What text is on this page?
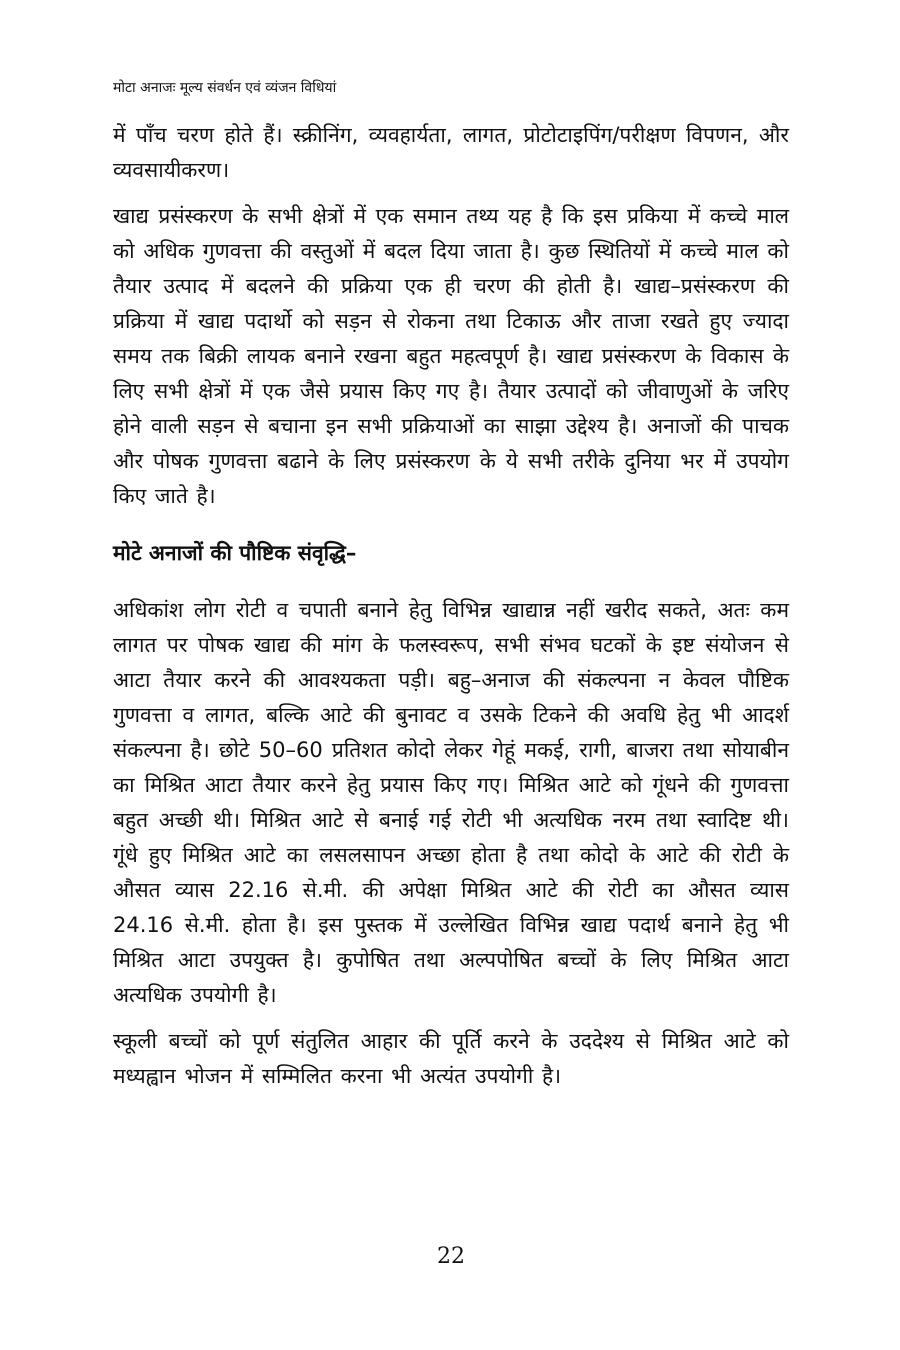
मोटा अनाजः मूल्य संवर्धन एवं व्यंजन विधियां

में पाँच चरण होते हैं। स्क्रीनिंग, व्यवहार्यता, लागत, प्रोटोटाइपिंग/परीक्षण विपणन, और व्यवसायीकरण।

खाद्य प्रसंस्करण के सभी क्षेत्रों में एक समान तथ्य यह है कि इस प्रकिया में कच्चे माल को अधिक गुणवत्ता की वस्तुओं में बदल दिया जाता है। कुछ स्थितियों में कच्चे माल को तैयार उत्पाद में बदलने की प्रक्रिया एक ही चरण की होती है। खाद्य–प्रसंस्करण की प्रक्रिया में खाद्य पदार्थो को सड़न से रोकना तथा टिकाऊ और ताजा रखते हुए ज्यादा समय तक बिक्री लायक बनाने रखना बहुत महत्वपूर्ण है। खाद्य प्रसंस्करण के विकास के लिए सभी क्षेत्रों में एक जैसे प्रयास किए गए है। तैयार उत्पादों को जीवाणुओं के जरिए होने वाली सड़न से बचाना इन सभी प्रक्रियाओं का साझा उद्देश्य है। अनाजों की पाचक और पोषक गुणवत्ता बढाने के लिए प्रसंस्करण के ये सभी तरीके दुनिया भर में उपयोग किए जाते है।

मोटे अनाजों की पौष्टिक संवृद्धि–

अधिकांश लोग रोटी व चपाती बनाने हेतु विभिन्न खाद्यान्न नहीं खरीद सकते, अतः कम लागत पर पोषक खाद्य की मांग के फलस्वरूप, सभी संभव घटकों के इष्ट संयोजन से आटा तैयार करने की आवश्यकता पड़ी। बहु–अनाज की संकल्पना न केवल पौष्टिक गुणवत्ता व लागत, बल्कि आटे की बुनावट व उसके टिकने की अवधि हेतु भी आदर्श संकल्पना है। छोटे 50–60 प्रतिशत कोदो लेकर गेहूं मकई, रागी, बाजरा तथा सोयाबीन का मिश्रित आटा तैयार करने हेतु प्रयास किए गए। मिश्रित आटे को गूंधने की गुणवत्ता बहुत अच्छी थी। मिश्रित आटे से बनाई गई रोटी भी अत्यधिक नरम तथा स्वादिष्ट थी। गूंधे हुए मिश्रित आटे का लसलसापन अच्छा होता है तथा कोदो के आटे की रोटी के औसत व्यास 22.16 से.मी. की अपेक्षा मिश्रित आटे की रोटी का औसत व्यास 24.16 से.मी. होता है। इस पुस्तक में उल्लेखित विभिन्न खाद्य पदार्थ बनाने हेतु भी मिश्रित आटा उपयुक्त है। कुपोषित तथा अल्पपोषित बच्चों के लिए मिश्रित आटा अत्यधिक उपयोगी है।

स्कूली बच्चों को पूर्ण संतुलित आहार की पूर्ति करने के उददेश्य से मिश्रित आटे को मध्यह्वान भोजन में सम्मिलित करना भी अत्यंत उपयोगी है।

22
